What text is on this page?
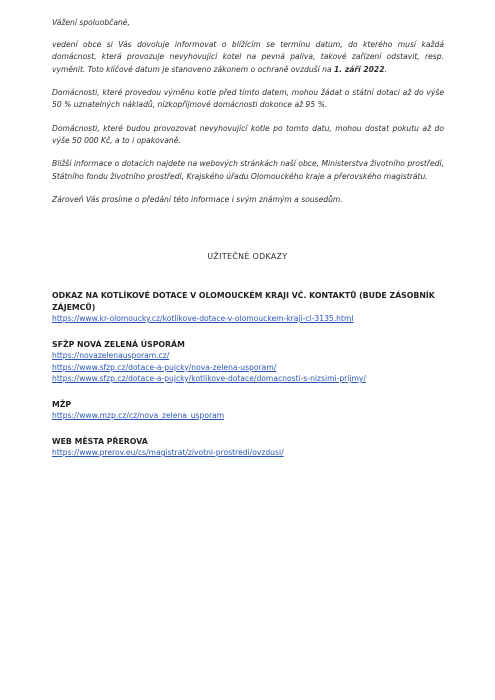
Vážení spoluobčané,

vedení obce si Vás dovoluje informovat o blížícím se termínu datum, do kterého musí každá domácnost, která provozuje nevyhovující kotel na pevná paliva, takové zařízení odstavit, resp. vyměnit. Toto klíčové datum je stanoveno zákonem o ochraně ovzduší na 1. září 2022.

Domácnosti, které provedou výměnu kotle před tímto datem, mohou žádat o státní dotaci až do výše 50 % uznatelných nákladů, nízkopříjmové domácnosti dokonce až 95 %.

Domácnosti, které budou provozovat nevyhovující kotle po tomto datu, mohou dostat pokutu až do výše 50 000 Kč, a to i opakovaně.

Bližší informace o dotacích najdete na webových stránkách naší obce, Ministerstva životního prostředí, Státního fondu životního prostředí, Krajského úřadu Olomouckého kraje a přerovského magistrátu.

Zároveň Vás prosíme o předání této informace i svým známým a sousedům.

UŽITEČNÉ ODKAZY
ODKAZ NA KOTLÍKOVÉ DOTACE V OLOMOUCKÉM KRAJI VČ. KONTAKTŮ (BUDE ZÁSOBNÍK ZÁJEMCŮ)
https://www.kr-olomoucky.cz/kotlikove-dotace-v-olomouckem-kraji-cl-3135.html
SFŽP NOVÁ ZELENÁ ÚSPORÁM
https://novazelenausporam.cz/
https://www.sfzp.cz/dotace-a-pujcky/nova-zelena-usporam/
https://www.sfzp.cz/dotace-a-pujcky/kotlikove-dotace/domacnosti-s-nizsimi-prijmy/
MŽP
https://www.mzp.cz/cz/nova_zelena_usporam
WEB MĚSTA PŘEROVA
https://www.prerov.eu/cs/magistrat/zivotni-prostredi/ovzdusi/
